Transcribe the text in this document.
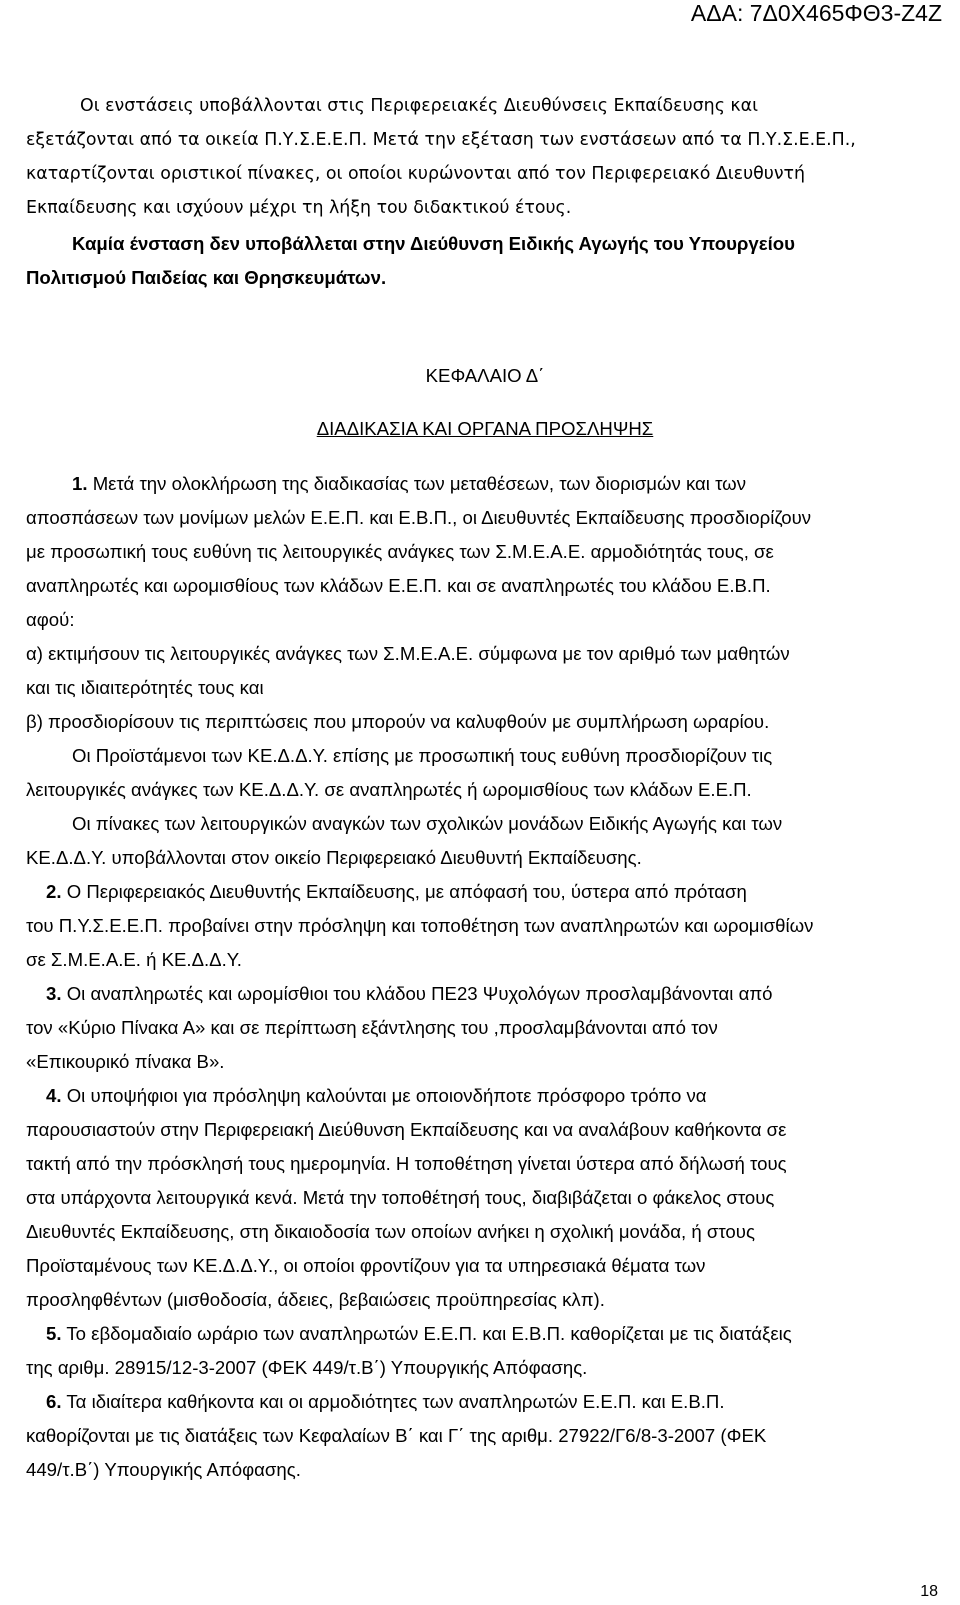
ΑΔΑ: 7Δ0Χ465ΦΘ3-Ζ4Ζ
Οι ενστάσεις υποβάλλονται στις Περιφερειακές Διευθύνσεις Εκπαίδευσης και
εξετάζονται από τα οικεία Π.Υ.Σ.Ε.Ε.Π. Μετά την εξέταση των ενστάσεων από τα Π.Υ.Σ.Ε.Ε.Π.,
καταρτίζονται οριστικοί πίνακες, οι οποίοι κυρώνονται από τον Περιφερειακό Διευθυντή
Εκπαίδευσης και ισχύουν μέχρι τη λήξη του διδακτικού έτους.
Καμία ένσταση δεν υποβάλλεται στην Διεύθυνση Ειδικής Αγωγής του Υπουργείου
Πολιτισμού Παιδείας και Θρησκευμάτων.
ΚΕΦΑΛΑΙΟ Δ΄
ΔΙΑΔΙΚΑΣΙΑ ΚΑΙ ΟΡΓΑΝΑ ΠΡΟΣΛΗΨΗΣ
1. Μετά την ολοκλήρωση της διαδικασίας των μεταθέσεων, των διορισμών και των
αποσπάσεων των μονίμων μελών Ε.Ε.Π. και Ε.Β.Π., οι Διευθυντές Εκπαίδευσης προσδιορίζουν
με προσωπική τους ευθύνη τις λειτουργικές ανάγκες των Σ.Μ.Ε.Α.Ε. αρμοδιότητάς τους, σε
αναπληρωτές και ωρομισθίους των κλάδων Ε.Ε.Π. και σε αναπληρωτές του κλάδου Ε.Β.Π.
αφού:
α) εκτιμήσουν τις λειτουργικές ανάγκες των Σ.Μ.Ε.Α.Ε. σύμφωνα με τον αριθμό των μαθητών
και τις ιδιαιτερότητές τους και
β) προσδιορίσουν τις περιπτώσεις που μπορούν να καλυφθούν με συμπλήρωση ωραρίου.
Οι Προϊστάμενοι των ΚΕ.Δ.Δ.Υ. επίσης με προσωπική τους ευθύνη προσδιορίζουν τις
λειτουργικές ανάγκες των ΚΕ.Δ.Δ.Υ. σε αναπληρωτές ή ωρομισθίους των κλάδων Ε.Ε.Π.
Οι πίνακες των λειτουργικών αναγκών των σχολικών μονάδων Ειδικής Αγωγής και των
ΚΕ.Δ.Δ.Υ. υποβάλλονται στον οικείο Περιφερειακό Διευθυντή Εκπαίδευσης.
2. Ο Περιφερειακός Διευθυντής Εκπαίδευσης, με απόφασή του, ύστερα από πρόταση
του Π.Υ.Σ.Ε.Ε.Π. προβαίνει στην πρόσληψη και τοποθέτηση των αναπληρωτών και ωρομισθίων
σε Σ.Μ.Ε.Α.Ε. ή ΚΕ.Δ.Δ.Υ.
3. Οι αναπληρωτές και ωρομίσθιοι του κλάδου ΠΕ23 Ψυχολόγων προσλαμβάνονται από
τον «Κύριο Πίνακα Α» και σε περίπτωση εξάντλησης του ,προσλαμβάνονται από τον
«Επικουρικό πίνακα Β».
4. Οι υποψήφιοι για πρόσληψη καλούνται με οποιονδήποτε πρόσφορο τρόπο να
παρουσιαστούν στην Περιφερειακή Διεύθυνση Εκπαίδευσης και να αναλάβουν καθήκοντα σε
τακτή από την πρόσκλησή τους ημερομηνία. Η τοποθέτηση γίνεται ύστερα από δήλωσή τους
στα υπάρχοντα λειτουργικά κενά. Μετά την τοποθέτησή τους, διαβιβάζεται ο φάκελος στους
Διευθυντές Εκπαίδευσης, στη δικαιοδοσία των οποίων ανήκει η σχολική μονάδα, ή στους
Προϊσταμένους των ΚΕ.Δ.Δ.Υ., οι οποίοι φροντίζουν για τα υπηρεσιακά θέματα των
προσληφθέντων (μισθοδοσία, άδειες, βεβαιώσεις προϋπηρεσίας κλπ).
5. Το εβδομαδιαίο ωράριο των αναπληρωτών Ε.Ε.Π. και Ε.Β.Π. καθορίζεται με τις διατάξεις
της αριθμ. 28915/12-3-2007 (ΦΕΚ 449/τ.Β΄) Υπουργικής Απόφασης.
6. Τα ιδιαίτερα καθήκοντα και οι αρμοδιότητες των αναπληρωτών Ε.Ε.Π. και Ε.Β.Π.
καθορίζονται με τις διατάξεις των Κεφαλαίων Β΄ και Γ΄ της αριθμ. 27922/Γ6/8-3-2007 (ΦΕΚ
449/τ.Β΄) Υπουργικής Απόφασης.
18
